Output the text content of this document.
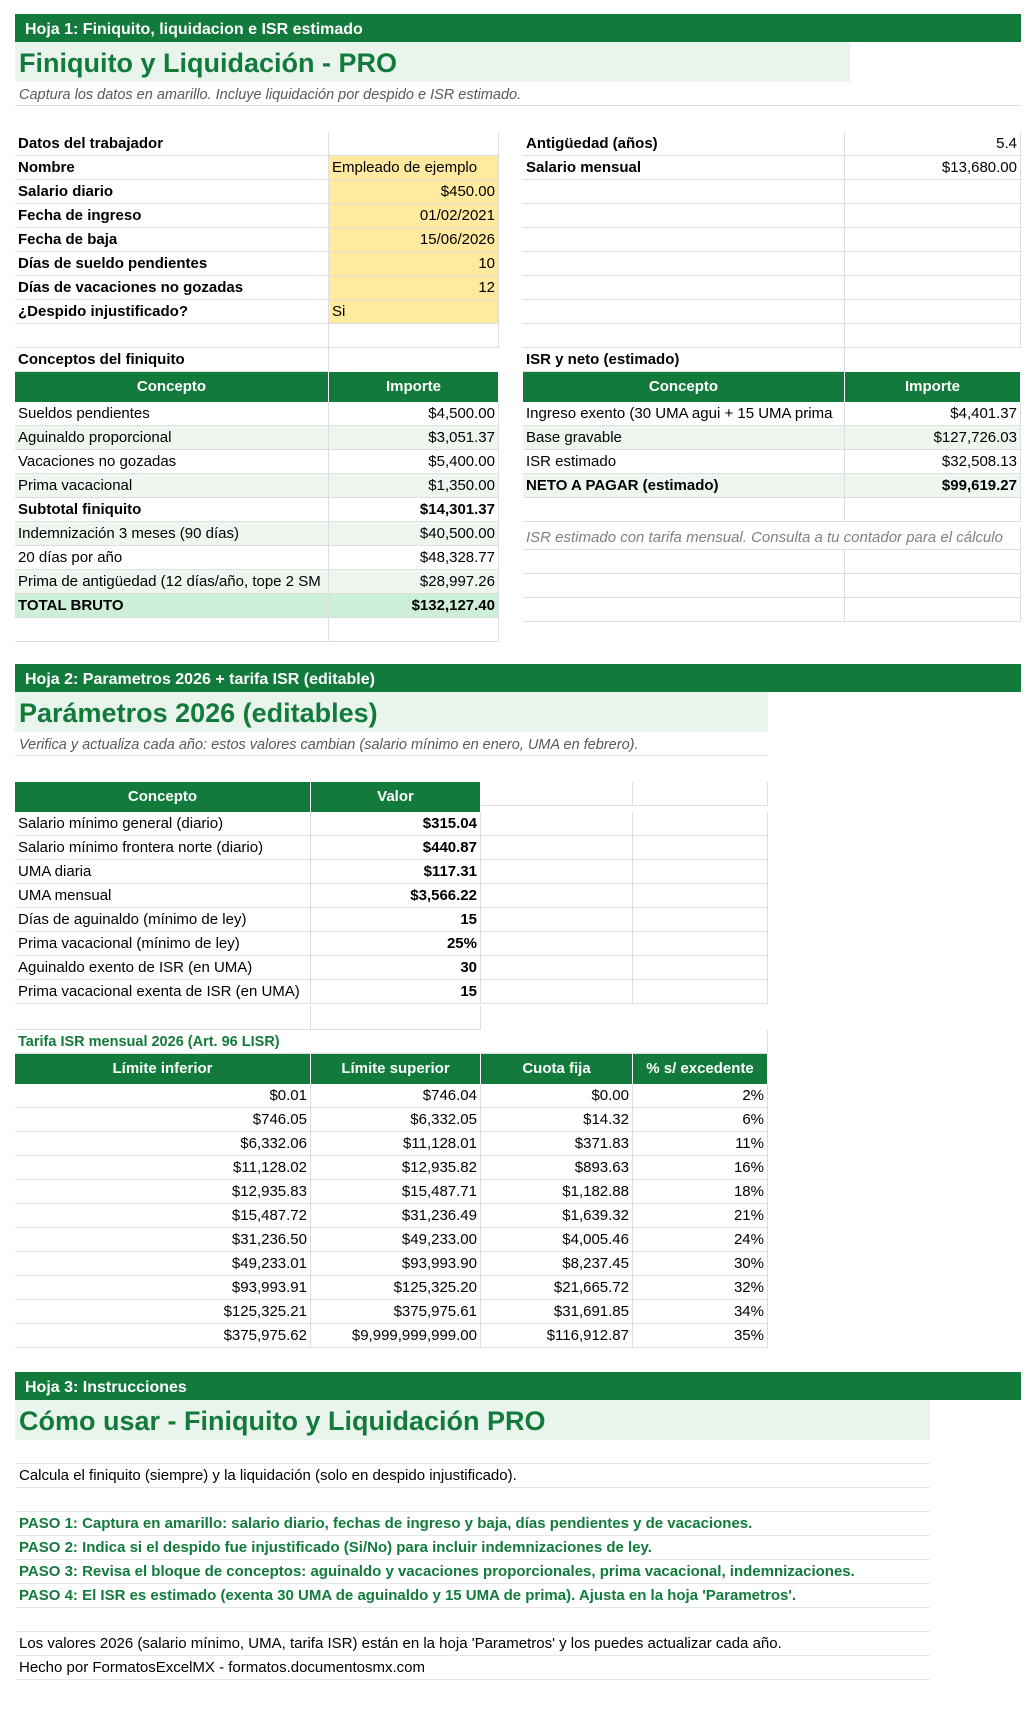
Hoja 1: Finiquito, liquidacion e ISR estimado
Finiquito y Liquidación - PRO
Captura los datos en amarillo. Incluye liquidación por despido e ISR estimado.
Datos del trabajador
Nombre	Empleado de ejemplo
Salario diario	$450.00
Fecha de ingreso	01/02/2021
Fecha de baja	15/06/2026
Días de sueldo pendientes	10
Días de vacaciones no gozadas	12
¿Despido injustificado?	Si
Antigüedad (años)	5.4
Salario mensual	$13,680.00
Conceptos del finiquito
Concepto	Importe
Sueldos pendientes	$4,500.00
Aguinaldo proporcional	$3,051.37
Vacaciones no gozadas	$5,400.00
Prima vacacional	$1,350.00
Subtotal finiquito	$14,301.37
Indemnización 3 meses (90 días)	$40,500.00
20 días por año	$48,328.77
Prima de antigüedad (12 días/año, tope 2 SM	$28,997.26
TOTAL BRUTO	$132,127.40
ISR y neto (estimado)
Concepto	Importe
Ingreso exento (30 UMA agui + 15 UMA prima	$4,401.37
Base gravable	$127,726.03
ISR estimado	$32,508.13
NETO A PAGAR (estimado)	$99,619.27
ISR estimado con tarifa mensual. Consulta a tu contador para el cálculo
Hoja 2: Parametros 2026 + tarifa ISR (editable)
Parámetros 2026 (editables)
Verifica y actualiza cada año: estos valores cambian (salario mínimo en enero, UMA en febrero).
Concepto	Valor
Salario mínimo general (diario)	$315.04
Salario mínimo frontera norte (diario)	$440.87
UMA diaria	$117.31
UMA mensual	$3,566.22
Días de aguinaldo (mínimo de ley)	15
Prima vacacional (mínimo de ley)	25%
Aguinaldo exento de ISR (en UMA)	30
Prima vacacional exenta de ISR (en UMA)	15
Tarifa ISR mensual 2026 (Art. 96 LISR)
Límite inferior	Límite superior	Cuota fija	% s/ excedente
$0.01	$746.04	$0.00	2%
$746.05	$6,332.05	$14.32	6%
$6,332.06	$11,128.01	$371.83	11%
$11,128.02	$12,935.82	$893.63	16%
$12,935.83	$15,487.71	$1,182.88	18%
$15,487.72	$31,236.49	$1,639.32	21%
$31,236.50	$49,233.00	$4,005.46	24%
$49,233.01	$93,993.90	$8,237.45	30%
$93,993.91	$125,325.20	$21,665.72	32%
$125,325.21	$375,975.61	$31,691.85	34%
$375,975.62	$9,999,999,999.00	$116,912.87	35%
Hoja 3: Instrucciones
Cómo usar - Finiquito y Liquidación PRO
Calcula el finiquito (siempre) y la liquidación (solo en despido injustificado).
PASO 1: Captura en amarillo: salario diario, fechas de ingreso y baja, días pendientes y de vacaciones.
PASO 2: Indica si el despido fue injustificado (Si/No) para incluir indemnizaciones de ley.
PASO 3: Revisa el bloque de conceptos: aguinaldo y vacaciones proporcionales, prima vacacional, indemnizaciones.
PASO 4: El ISR es estimado (exenta 30 UMA de aguinaldo y 15 UMA de prima). Ajusta en la hoja 'Parametros'.
Los valores 2026 (salario mínimo, UMA, tarifa ISR) están en la hoja 'Parametros' y los puedes actualizar cada año.
Hecho por FormatosExcelMX - formatos.documentosmx.com
